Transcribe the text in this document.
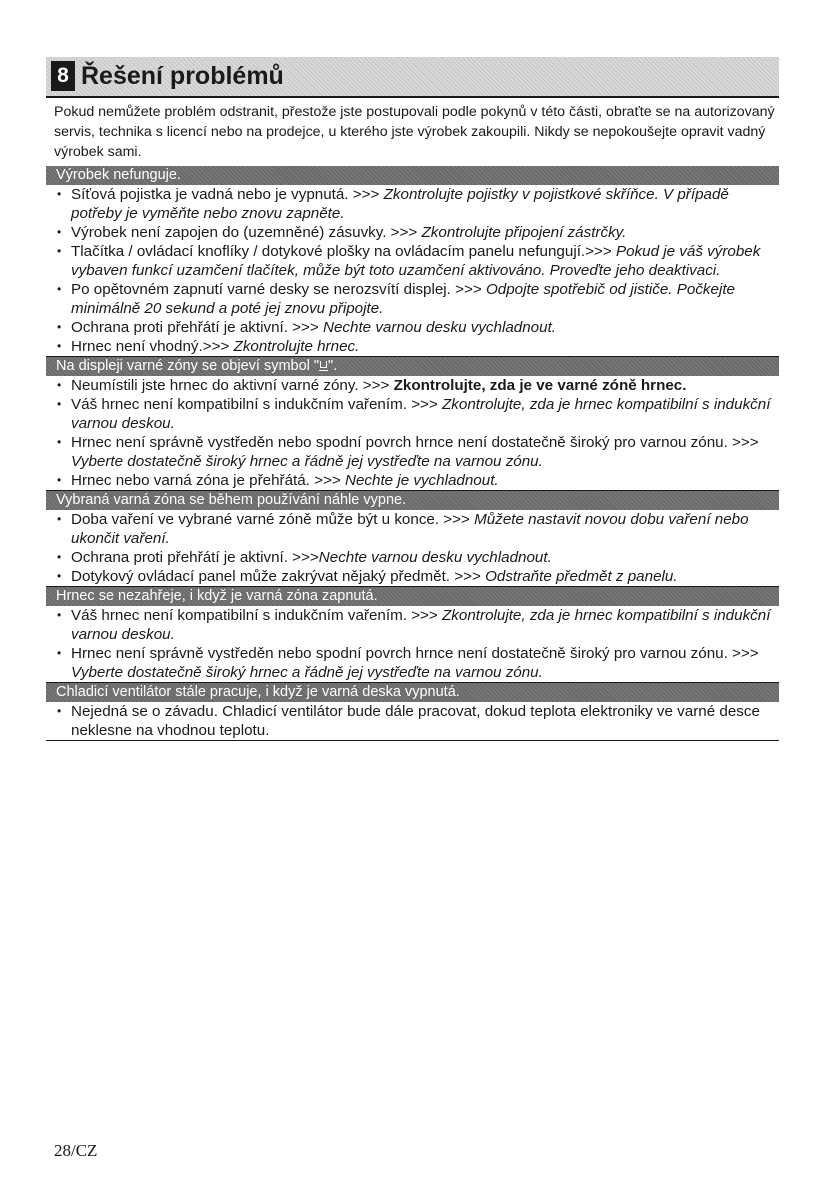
8 Řešení problémů

Pokud nemůžete problém odstranit, přestože jste postupovali podle pokynů v této části, obraťte se na autorizovaný servis, technika s licencí nebo na prodejce, u kterého jste výrobek zakoupili. Nikdy se nepokoušejte opravit vadný výrobek sami.

Výrobek nefunguje.
• Síťová pojistka je vadná nebo je vypnutá. >>> Zkontrolujte pojistky v pojistkové skříňce. V případě potřeby je vyměňte nebo znovu zapněte.
• Výrobek není zapojen do (uzemněné) zásuvky. >>> Zkontrolujte připojení zástrčky.
• Tlačítka / ovládací knoflíky / dotykové plošky na ovládacím panelu nefungují.>>> Pokud je váš výrobek vybaven funkcí uzamčení tlačítek, může být toto uzamčení aktivováno. Proveďte jeho deaktivaci.
• Po opětovném zapnutí varné desky se nerozsvítí displej. >>> Odpojte spotřebič od jističe. Počkejte minimálně 20 sekund a poté jej znovu připojte.
• Ochrana proti přehřátí je aktivní. >>> Nechte varnou desku vychladnout.
• Hrnec není vhodný.>>> Zkontrolujte hrnec.
Na displeji varné zóny se objeví symbol " ".
• Neumístili jste hrnec do aktivní varné zóny. >>> Zkontrolujte, zda je ve varné zóně hrnec.
• Váš hrnec není kompatibilní s indukčním vařením. >>> Zkontrolujte, zda je hrnec kompatibilní s indukční varnou deskou.
• Hrnec není správně vystředěn nebo spodní povrch hrnce není dostatečně široký pro varnou zónu. >>> Vyberte dostatečně široký hrnec a řádně jej vystřeďte na varnou zónu.
• Hrnec nebo varná zóna je přehřátá. >>> Nechte je vychladnout.
Vybraná varná zóna se během používání náhle vypne.
• Doba vaření ve vybrané varné zóně může být u konce. >>> Můžete nastavit novou dobu vaření nebo ukončit vaření.
• Ochrana proti přehřátí je aktivní. >>>Nechte varnou desku vychladnout.
• Dotykový ovládací panel může zakrývat nějaký předmět. >>> Odstraňte předmět z panelu.
Hrnec se nezahřeje, i když je varná zóna zapnutá.
• Váš hrnec není kompatibilní s indukčním vařením. >>> Zkontrolujte, zda je hrnec kompatibilní s indukční varnou deskou.
• Hrnec není správně vystředěn nebo spodní povrch hrnce není dostatečně široký pro varnou zónu. >>> Vyberte dostatečně široký hrnec a řádně jej vystřeďte na varnou zónu.
Chladicí ventilátor stále pracuje, i když je varná deska vypnutá.
• Nejedná se o závadu. Chladicí ventilátor bude dále pracovat, dokud teplota elektroniky ve varné desce neklesne na vhodnou teplotu.
28/CZ
